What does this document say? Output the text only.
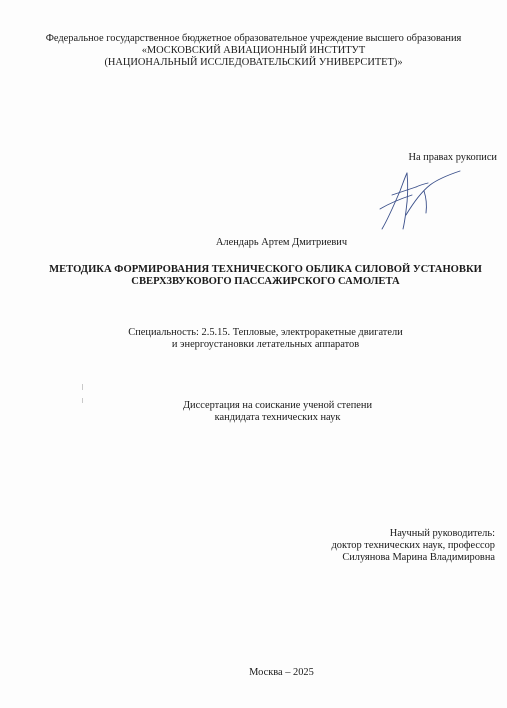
Федеральное государственное бюджетное образовательное учреждение высшего образования
«МОСКОВСКИЙ АВИАЦИОННЫЙ ИНСТИТУТ
(НАЦИОНАЛЬНЫЙ ИССЛЕДОВАТЕЛЬСКИЙ УНИВЕРСИТЕТ)»
На правах рукописи
Алендарь Артем Дмитриевич
МЕТОДИКА ФОРМИРОВАНИЯ ТЕХНИЧЕСКОГО ОБЛИКА СИЛОВОЙ УСТАНОВКИ
СВЕРХЗВУКОВОГО ПАССАЖИРСКОГО САМОЛЕТА
Специальность: 2.5.15. Тепловые, электроракетные двигатели
и энергоустановки летательных аппаратов
Диссертация на соискание ученой степени
кандидата технических наук
Научный руководитель:
доктор технических наук, профессор
Силуянова Марина Владимировна
Москва – 2025
